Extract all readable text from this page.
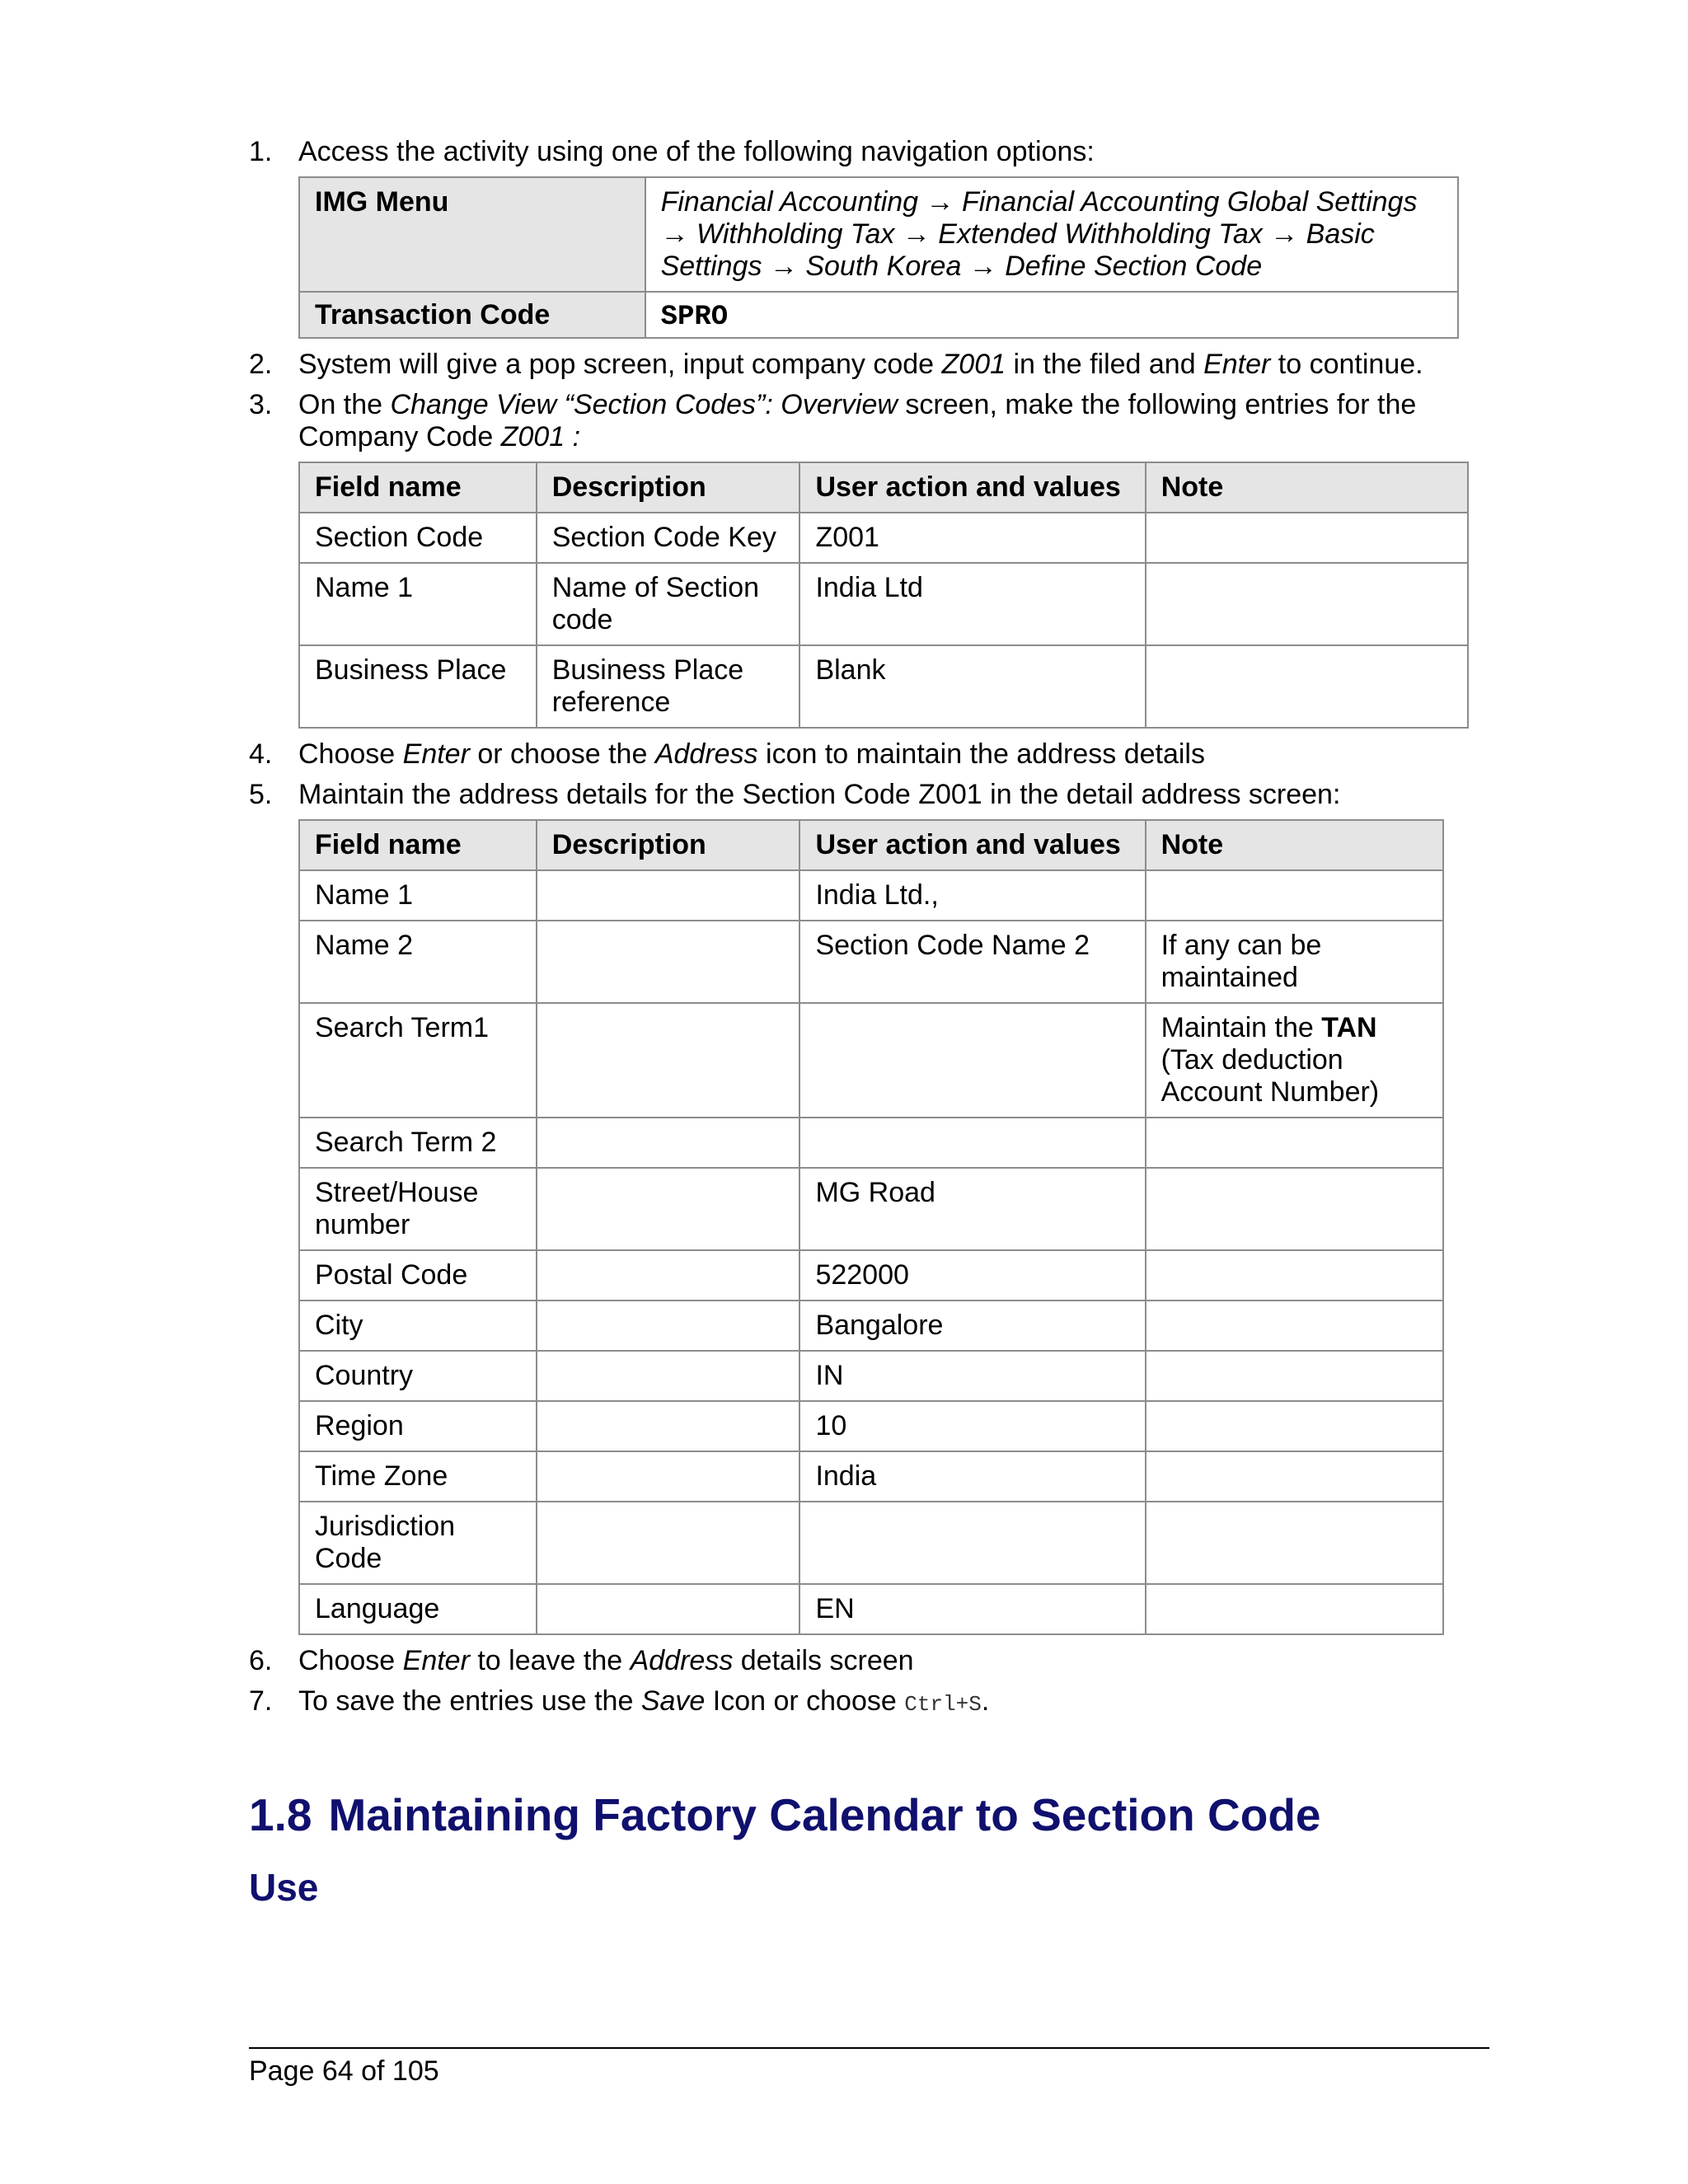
1. Access the activity using one of the following navigation options:

IMG Menu	Financial Accounting → Financial Accounting Global Settings → Withholding Tax → Extended Withholding Tax → Basic Settings → South Korea → Define Section Code
Transaction Code	SPRO
2. System will give a pop screen, input company code Z001 in the filed and Enter to continue.

3. On the Change View “Section Codes”: Overview screen, make the following entries for the Company Code Z001 :

Field name	Description	User action and values	Note
Section Code	Section Code Key	Z001	
Name 1	Name of Section code	India Ltd	
Business Place	Business Place reference	Blank	
4. Choose Enter or choose the Address icon to maintain the address details

5. Maintain the address details for the Section Code Z001 in the detail address screen:

Field name	Description	User action and values	Note
Name 1		India Ltd.,	
Name 2		Section Code Name 2	If any can be maintained
Search Term1			Maintain the TAN (Tax deduction Account Number)
Search Term 2			
Street/House number		MG Road	
Postal Code		522000	
City		Bangalore	
Country		IN	
Region		10	
Time Zone		India	
Jurisdiction Code			
Language		EN	
6. Choose Enter to leave the Address details screen

7. To save the entries use the Save Icon or choose Ctrl+S.

1.8 Maintaining Factory Calendar to Section Code
Use
Page 64 of 105
